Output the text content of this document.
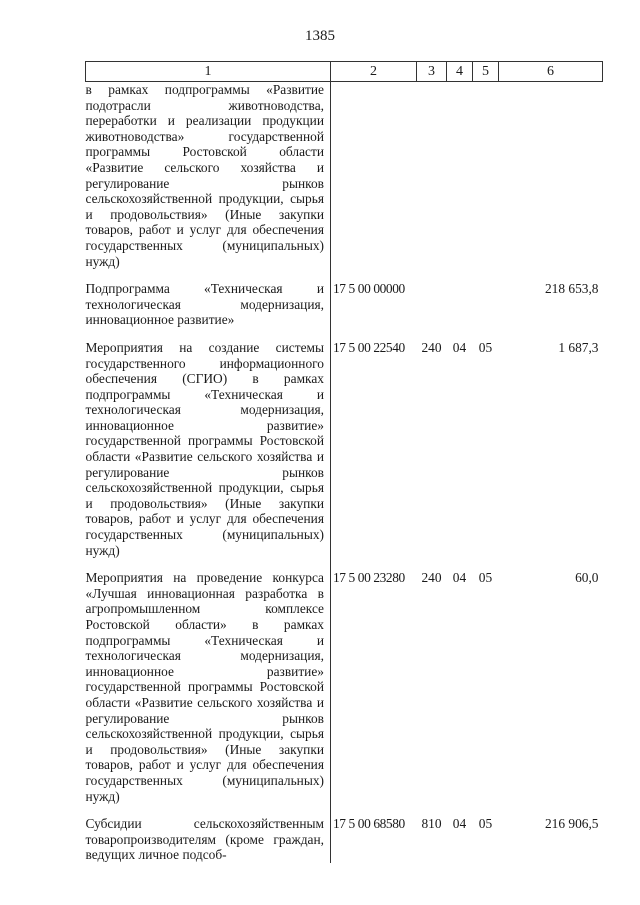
1385
1	2	3	4	5	6
в рамках подпрограммы «Развитие подотрасли животноводства, переработки и реализации продукции животноводства» государственной программы Ростовской области «Развитие сельского хозяйства и регулирование рынков сельскохозяйственной продукции, сырья и продовольствия» (Иные закупки товаров, работ и услуг для обеспечения государственных (муниципальных) нужд)					
Подпрограмма «Техническая и технологическая модернизация, инновационное развитие»	17 5 00 00000				218 653,8
Мероприятия на создание системы государственного информационного обеспечения (СГИО) в рамках подпрограммы «Техническая и технологическая модернизация, инновационное развитие» государственной программы Ростовской области «Развитие сельского хозяйства и регулирование рынков сельскохозяйственной продукции, сырья и продовольствия» (Иные закупки товаров, работ и услуг для обеспечения государственных (муниципальных) нужд)	17 5 00 22540	240	04	05	1 687,3
Мероприятия на проведение конкурса «Лучшая инновационная разработка в агропромышленном комплексе Ростовской области» в рамках подпрограммы «Техническая и технологическая модернизация, инновационное развитие» государственной программы Ростовской области «Развитие сельского хозяйства и регулирование рынков сельскохозяйственной продукции, сырья и продовольствия» (Иные закупки товаров, работ и услуг для обеспечения государственных (муниципальных) нужд)	17 5 00 23280	240	04	05	60,0
Субсидии сельскохозяйственным товаропроизводителям (кроме граждан, ведущих личное подсоб-	17 5 00 68580	810	04	05	216 906,5
